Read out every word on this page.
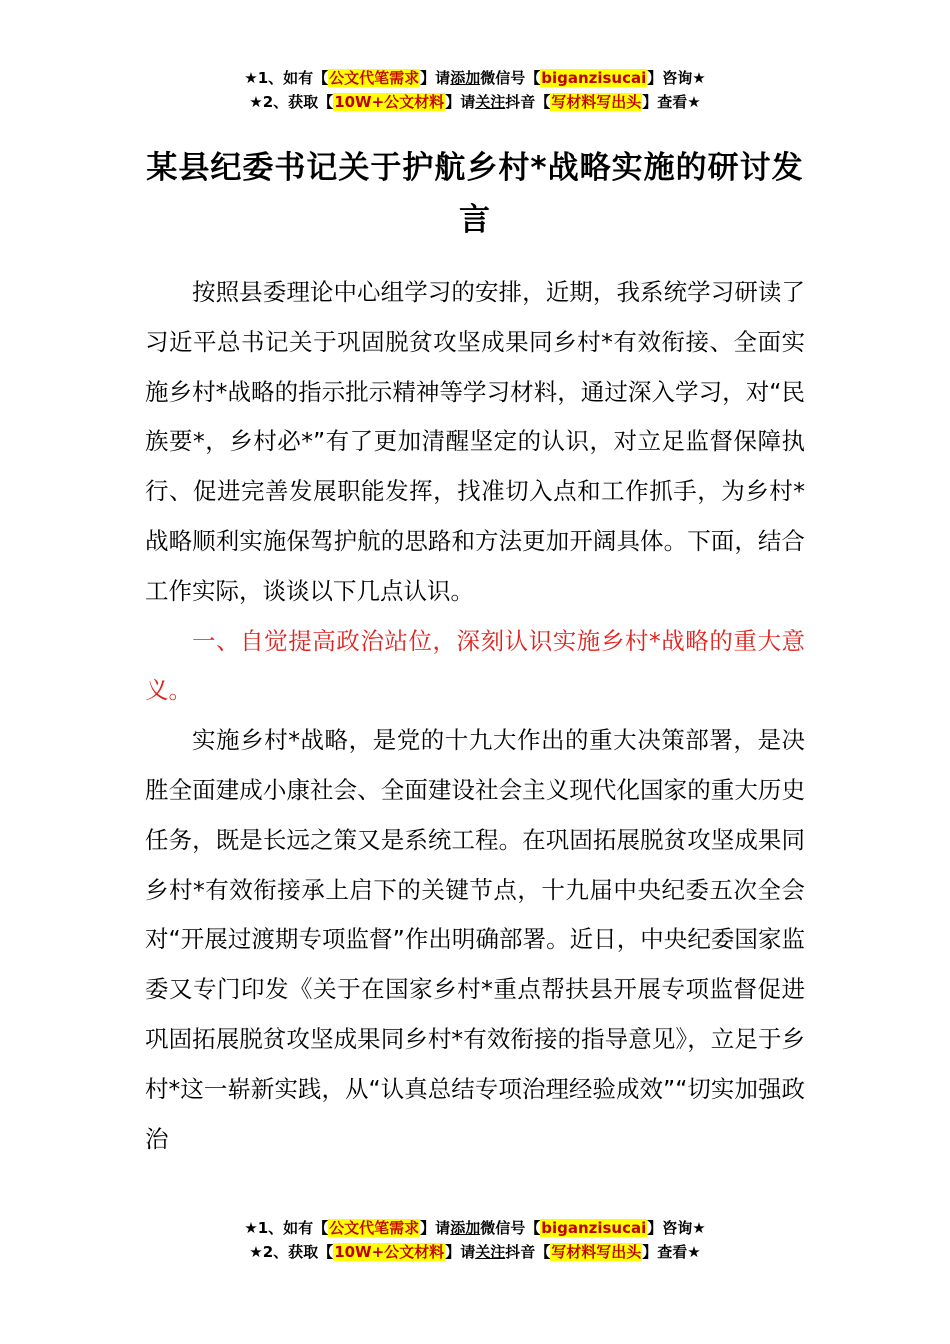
★1、如有【公文代笔需求】请添加微信号【biganzisucai】咨询★
★2、获取【10W+公文材料】请关注抖音【写材料写出头】查看★
某县纪委书记关于护航乡村*战略实施的研讨发言

按照县委理论中心组学习的安排，近期，我系统学习研读了习近平总书记关于巩固脱贫攻坚成果同乡村*有效衔接、全面实施乡村*战略的指示批示精神等学习材料，通过深入学习，对“民族要*，乡村必*”有了更加清醒坚定的认识，对立足监督保障执行、促进完善发展职能发挥，找准切入点和工作抓手，为乡村*战略顺利实施保驾护航的思路和方法更加开阔具体。下面，结合工作实际，谈谈以下几点认识。

一、自觉提高政治站位，深刻认识实施乡村*战略的重大意义。

实施乡村*战略，是党的十九大作出的重大决策部署，是决胜全面建成小康社会、全面建设社会主义现代化国家的重大历史任务，既是长远之策又是系统工程。在巩固拓展脱贫攻坚成果同乡村*有效衔接承上启下的关键节点，十九届中央纪委五次全会对“开展过渡期专项监督”作出明确部署。近日，中央纪委国家监委又专门印发《关于在国家乡村*重点帮扶县开展专项监督促进巩固拓展脱贫攻坚成果同乡村*有效衔接的指导意见》，立足于乡村*这一崭新实践，从“认真总结专项治理经验成效”“切实加强政治

★1、如有【公文代笔需求】请添加微信号【biganzisucai】咨询★
★2、获取【10W+公文材料】请关注抖音【写材料写出头】查看★
